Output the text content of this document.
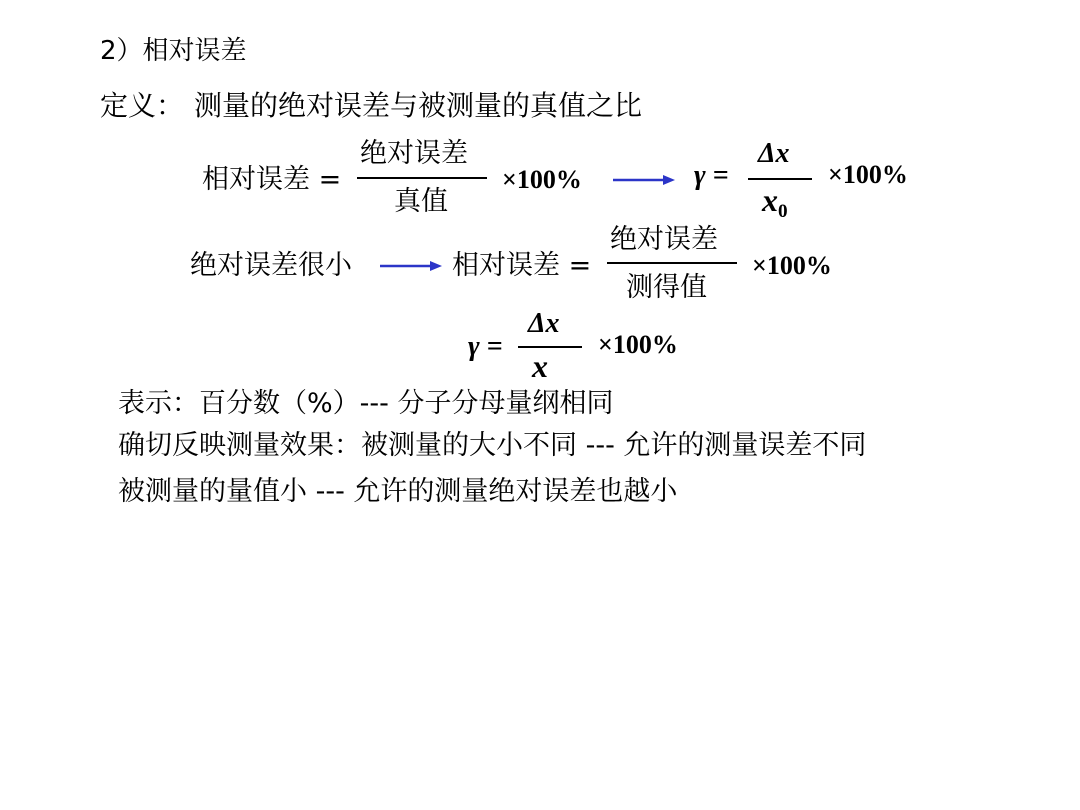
2）相对误差
定义： 测量的绝对误差与被测量的真值之比
相对误差 =
绝对误差
真值
×100%	γ =
Δx
$x_0$
×100%
绝对误差很小	相对误差 =
绝对误差
测得值
×100%
γ =
Δx
x
×100%
表示：百分数（%）--- 分子分母量纲相同
确切反映测量效果：被测量的大小不同 --- 允许的测量误差不同
被测量的量值小 --- 允许的测量绝对误差也越小
